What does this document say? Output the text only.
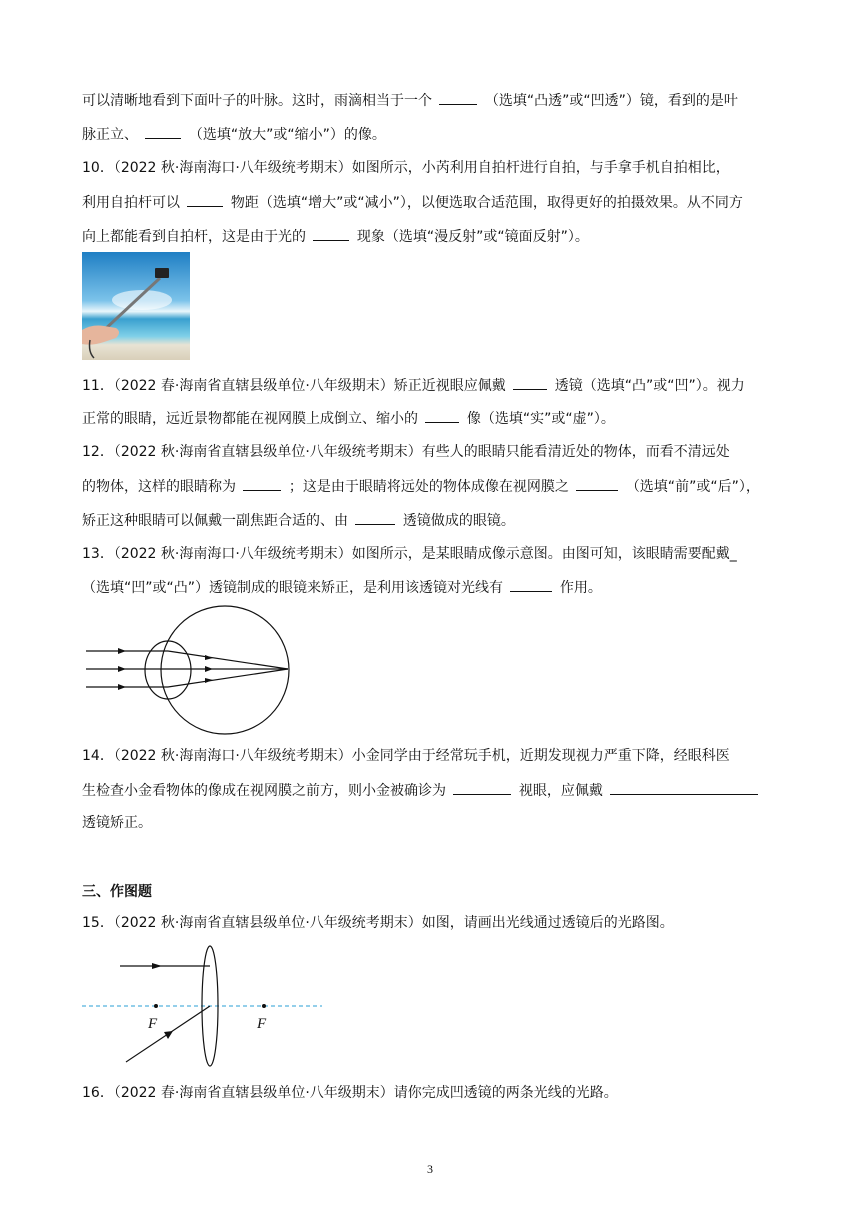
可以清晰地看到下面叶子的叶脉。这时，雨滴相当于一个	（选填“凸透”或“凹透”）镜，看到的是叶
脉正立、	（选填“放大”或“缩小”）的像。
10．（2022 秋·海南海口·八年级统考期末）如图所示，小芮利用自拍杆进行自拍，与手拿手机自拍相比，
利用自拍杆可以	物距（选填“增大”或“减小”），以便选取合适范围，取得更好的拍摄效果。从不同方
向上都能看到自拍杆，这是由于光的	现象（选填“漫反射”或“镜面反射”）。
11．（2022 春·海南省直辖县级单位·八年级期末）矫正近视眼应佩戴	透镜（选填“凸”或“凹”）。视力
正常的眼睛，远近景物都能在视网膜上成倒立、缩小的	像（选填“实”或“虚”）。
12．（2022 秋·海南省直辖县级单位·八年级统考期末）有些人的眼睛只能看清近处的物体，而看不清远处
的物体，这样的眼睛称为	；这是由于眼睛将远处的物体成像在视网膜之	（选填“前”或“后”），
矫正这种眼睛可以佩戴一副焦距合适的、由	透镜做成的眼镜。
13．（2022 秋·海南海口·八年级统考期末）如图所示，是某眼睛成像示意图。由图可知，该眼睛需要配戴_
（选填“凹”或“凸”）透镜制成的眼镜来矫正，是利用该透镜对光线有	作用。
14．（2022 秋·海南海口·八年级统考期末）小金同学由于经常玩手机，近期发现视力严重下降，经眼科医
生检查小金看物体的像成在视网膜之前方，则小金被确诊为	视眼，应佩戴
透镜矫正。
三、作图题
15．（2022 秋·海南省直辖县级单位·八年级统考期末）如图，请画出光线通过透镜后的光路图。
F	F
16．（2022 春·海南省直辖县级单位·八年级期末）请你完成凹透镜的两条光线的光路。
3
